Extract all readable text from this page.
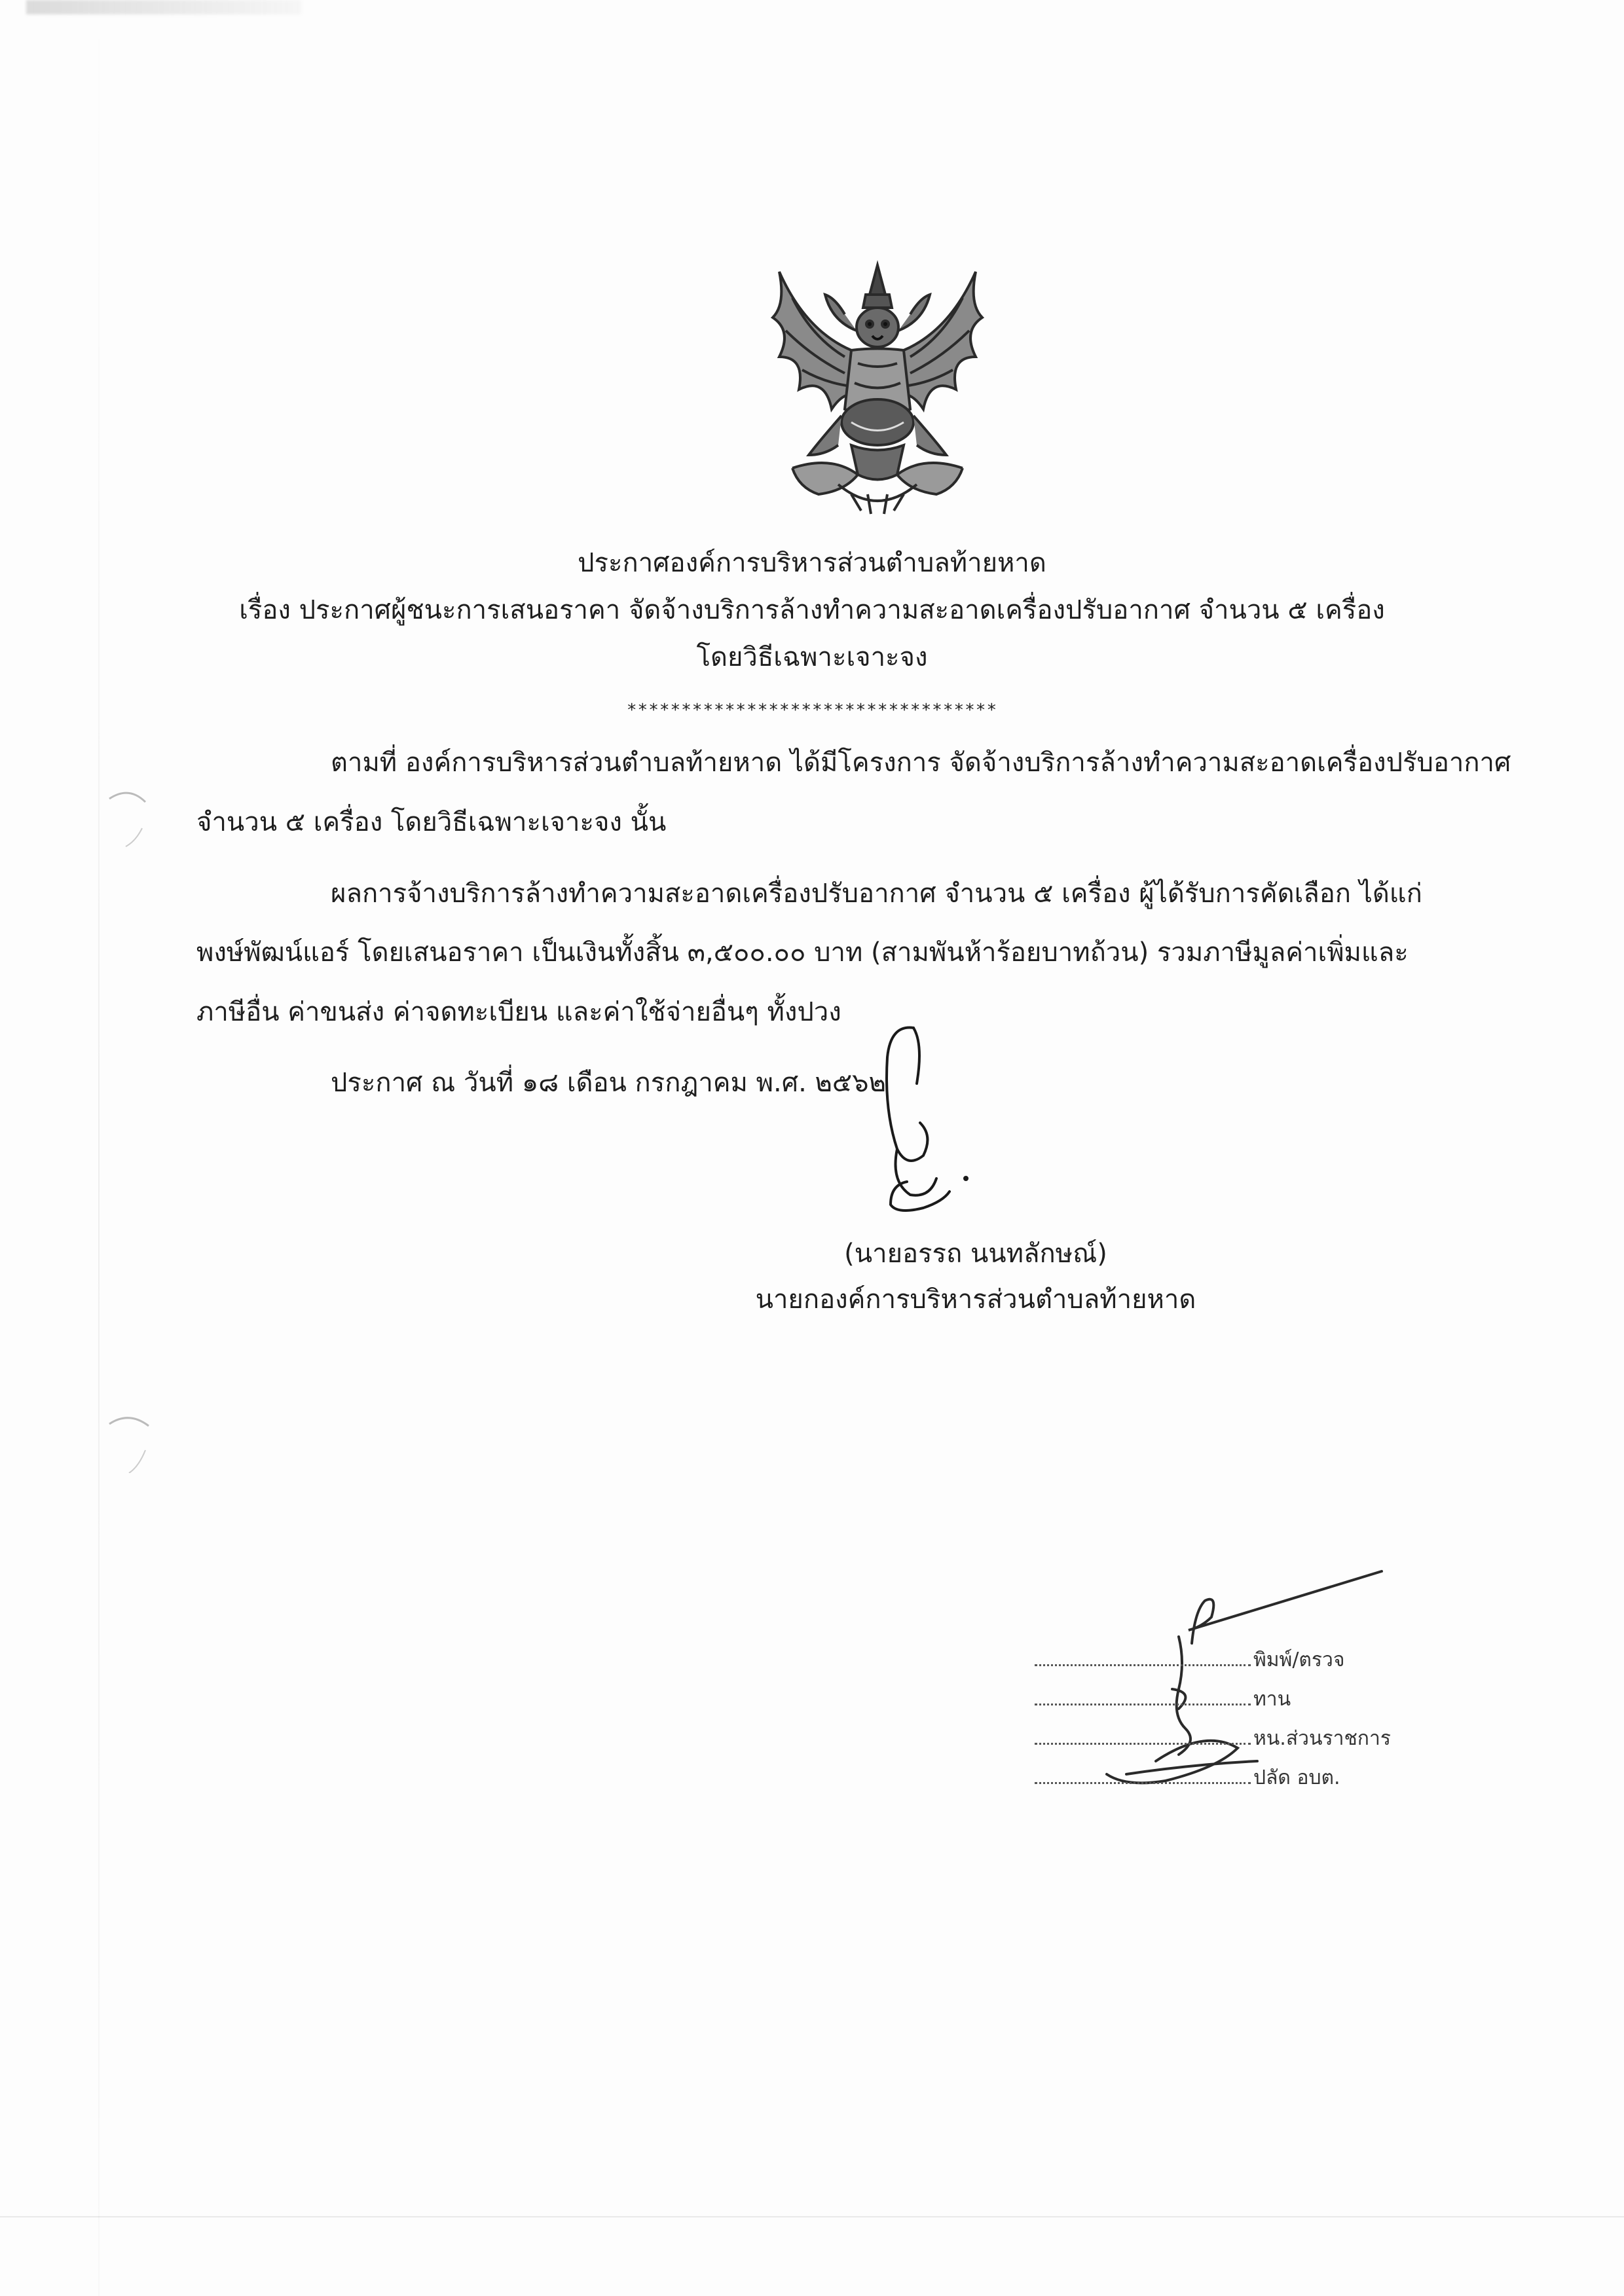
ประกาศองค์การบริหารส่วนตำบลท้ายหาด
เรื่อง ประกาศผู้ชนะการเสนอราคา จัดจ้างบริการล้างทำความสะอาดเครื่องปรับอากาศ จำนวน ๕ เครื่อง
โดยวิธีเฉพาะเจาะจง
**********************************
ตามที่ องค์การบริหารส่วนตำบลท้ายหาด ได้มีโครงการ จัดจ้างบริการล้างทำความสะอาดเครื่องปรับอากาศ
จำนวน ๕ เครื่อง โดยวิธีเฉพาะเจาะจง นั้น
ผลการจ้างบริการล้างทำความสะอาดเครื่องปรับอากาศ จำนวน ๕ เครื่อง ผู้ได้รับการคัดเลือก ได้แก่
พงษ์พัฒน์แอร์ โดยเสนอราคา เป็นเงินทั้งสิ้น ๓,๕๐๐.๐๐ บาท (สามพันห้าร้อยบาทถ้วน) รวมภาษีมูลค่าเพิ่มและ
ภาษีอื่น ค่าขนส่ง ค่าจดทะเบียน และค่าใช้จ่ายอื่นๆ ทั้งปวง
ประกาศ ณ วันที่ ๑๘ เดือน กรกฎาคม พ.ศ. ๒๕๖๒
(นายอรรถ นนทลักษณ์)
นายกองค์การบริหารส่วนตำบลท้ายหาด
พิมพ์/ตรวจ
ทาน
หน.ส่วนราชการ
ปลัด อบต.
